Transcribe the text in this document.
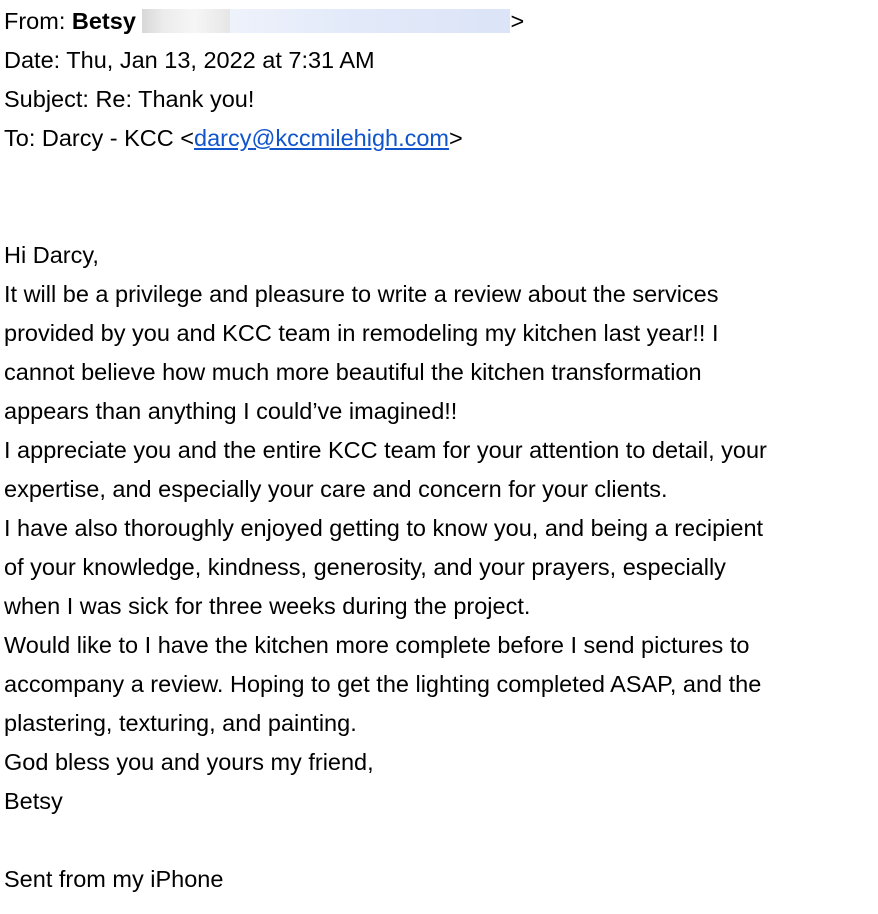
From: Betsy	>
Date: Thu, Jan 13, 2022 at 7:31 AM
Subject: Re: Thank you!
To: Darcy - KCC <darcy@kccmilehigh.com>
Hi Darcy,
It will be a privilege and pleasure to write a review about the services
provided by you and KCC team in remodeling my kitchen last year!! I
cannot believe how much more beautiful the kitchen transformation
appears than anything I could’ve imagined!!
I appreciate you and the entire KCC team for your attention to detail, your
expertise, and especially your care and concern for your clients.
I have also thoroughly enjoyed getting to know you, and being a recipient
of your knowledge, kindness, generosity, and your prayers, especially
when I was sick for three weeks during the project.
Would like to I have the kitchen more complete before I send pictures to
accompany a review. Hoping to get the lighting completed ASAP, and the
plastering, texturing, and painting.
God bless you and yours my friend,
Betsy
Sent from my iPhone
